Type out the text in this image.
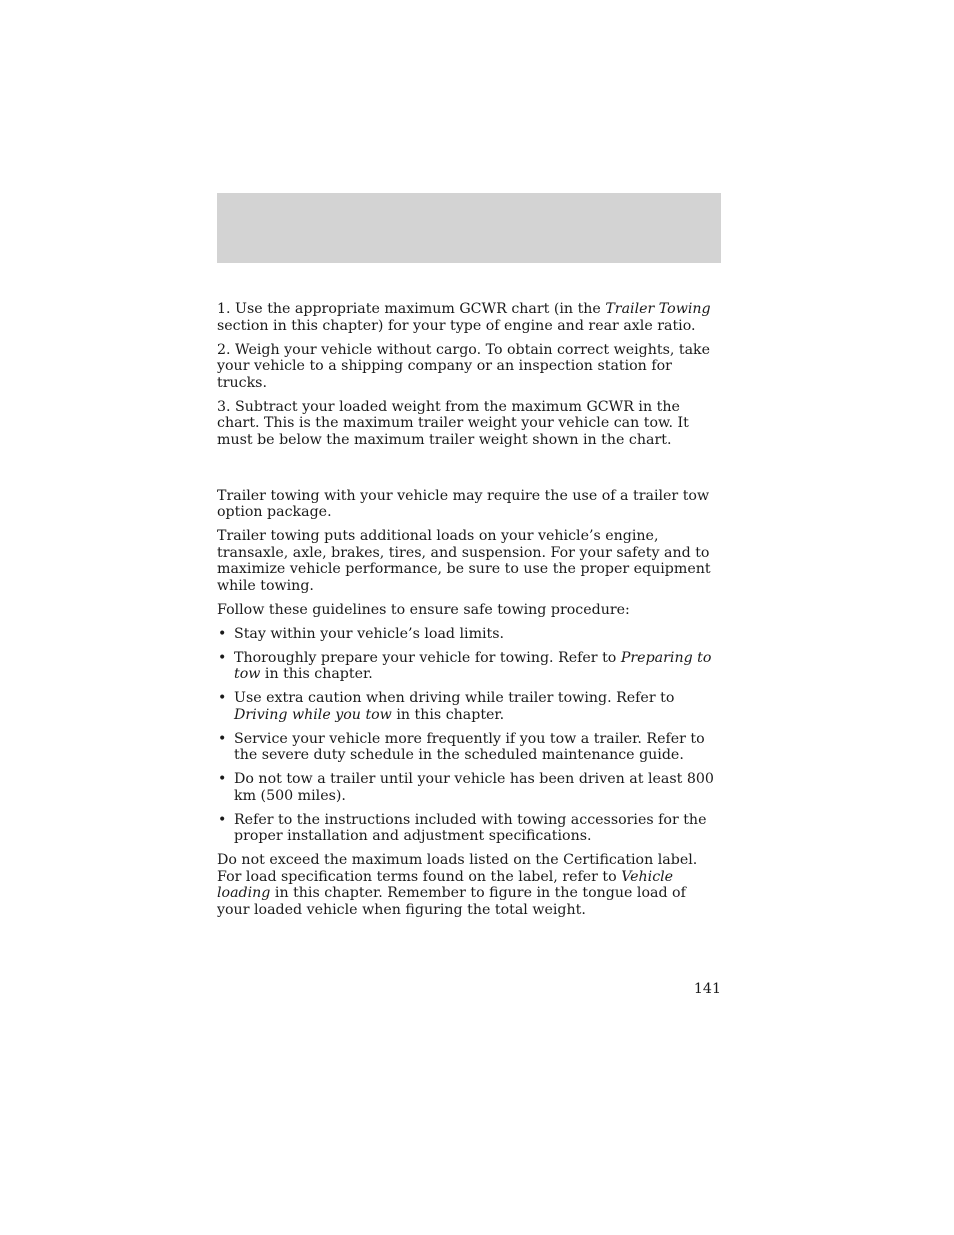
1. Use the appropriate maximum GCWR chart (in the Trailer Towing section in this chapter) for your type of engine and rear axle ratio.

2. Weigh your vehicle without cargo. To obtain correct weights, take your vehicle to a shipping company or an inspection station for trucks.

3. Subtract your loaded weight from the maximum GCWR in the chart. This is the maximum trailer weight your vehicle can tow. It must be below the maximum trailer weight shown in the chart.

Trailer towing with your vehicle may require the use of a trailer tow option package.

Trailer towing puts additional loads on your vehicle’s engine, transaxle, axle, brakes, tires, and suspension. For your safety and to maximize vehicle performance, be sure to use the proper equipment while towing.

Follow these guidelines to ensure safe towing procedure:

• Stay within your vehicle’s load limits.
• Thoroughly prepare your vehicle for towing. Refer to Preparing to tow in this chapter.
• Use extra caution when driving while trailer towing. Refer to Driving while you tow in this chapter.
• Service your vehicle more frequently if you tow a trailer. Refer to the severe duty schedule in the scheduled maintenance guide.
• Do not tow a trailer until your vehicle has been driven at least 800 km (500 miles).
• Refer to the instructions included with towing accessories for the proper installation and adjustment specifications.

Do not exceed the maximum loads listed on the Certification label. For load specification terms found on the label, refer to Vehicle loading in this chapter. Remember to figure in the tongue load of your loaded vehicle when figuring the total weight.

141
